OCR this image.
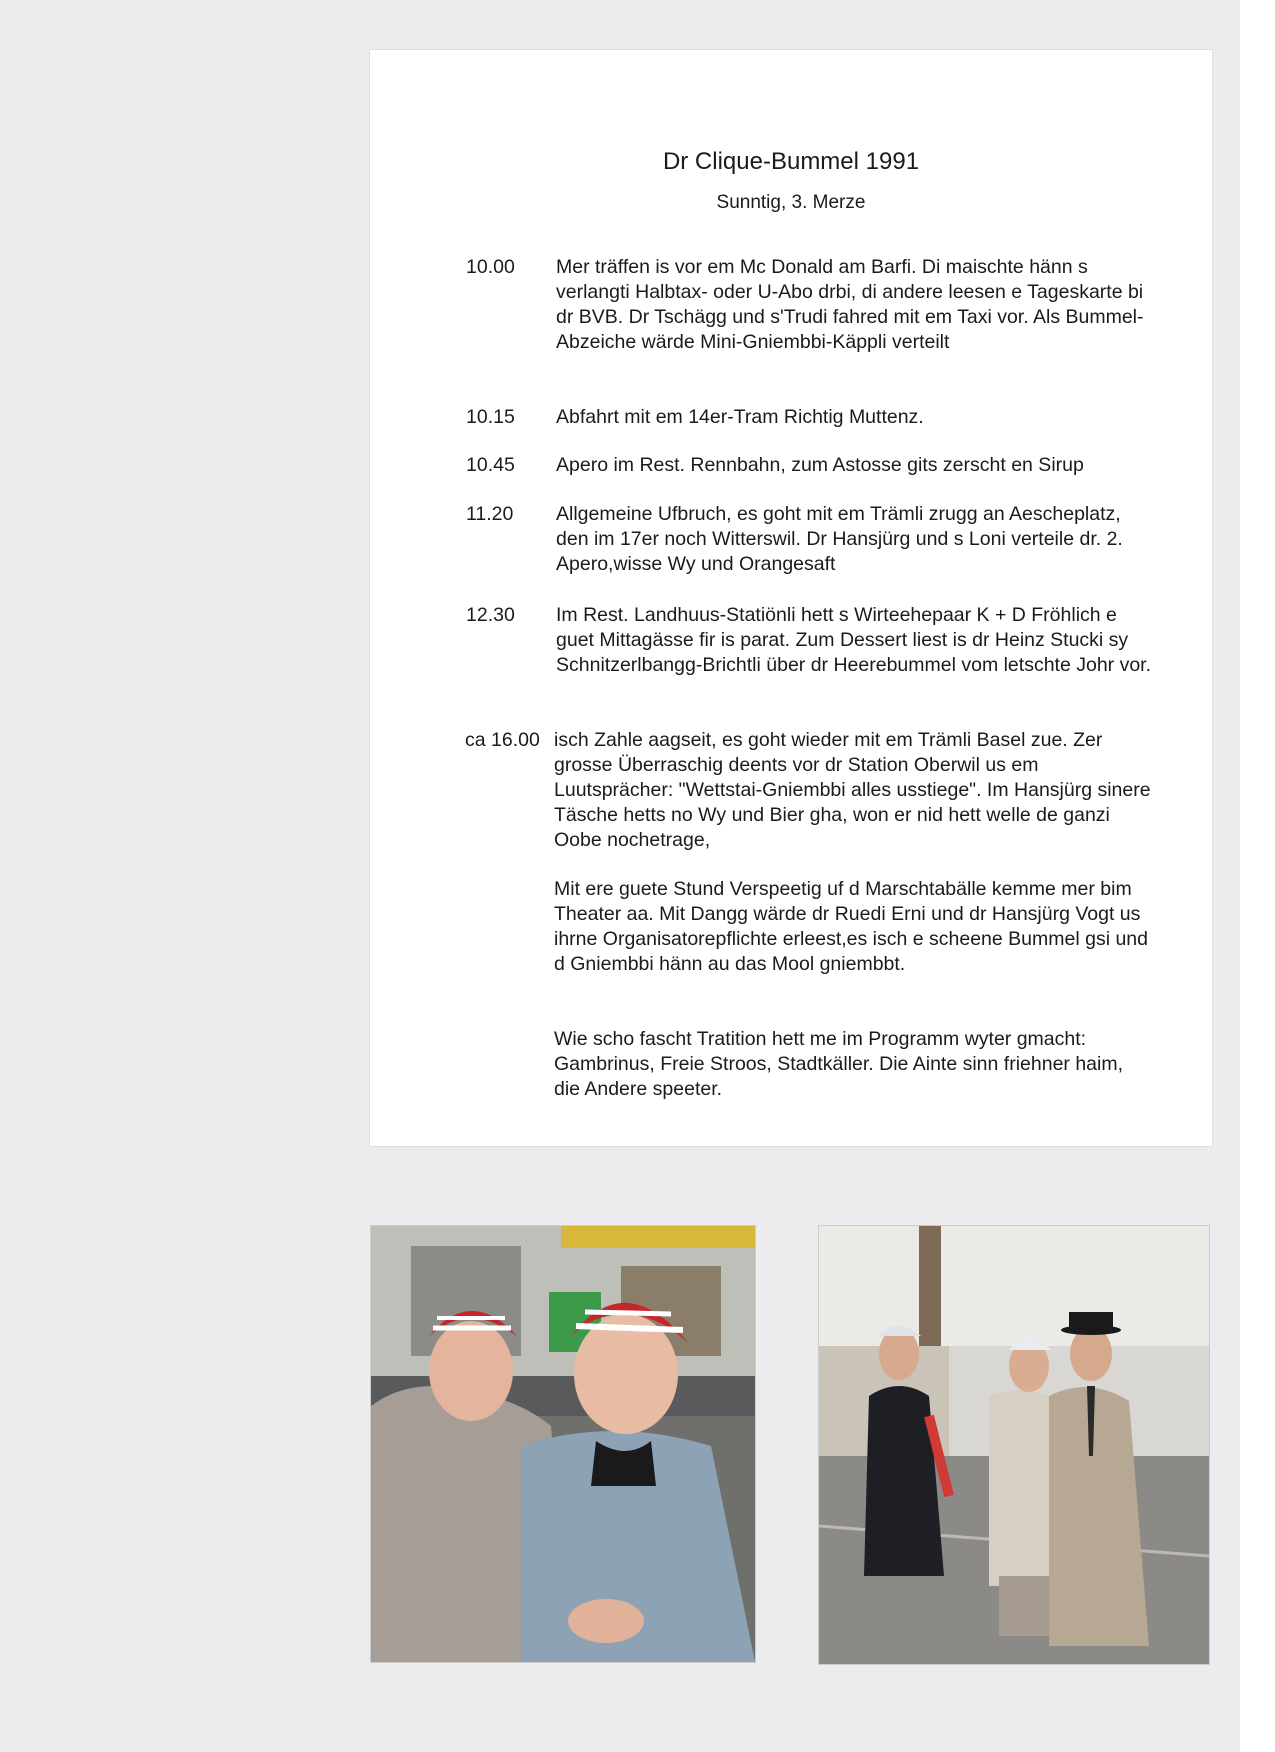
Dr Clique-Bummel 1991
Sunntig, 3. Merze
10.00 Mer träffen is vor em Mc Donald am Barfi. Di maischte hänn s verlangti Halbtax- oder U-Abo drbi, di andere leesen e Tageskarte bi dr BVB. Dr Tschägg und s'Trudi fahred mit em Taxi vor. Als Bummel-Abzeiche wärde Mini-Gniembbi-Käppli verteilt
10.15 Abfahrt mit em 14er-Tram Richtig Muttenz.
10.45 Apero im Rest. Rennbahn, zum Astosse gits zersch​t en Sirup
11.20 Allgemeine Ufbruch, es goht mit em Trämli zrugg an Aescheplatz, den im 17er noch Witterswil. Dr Hansjürg und s Loni verteile dr. 2. Apero,wisse Wy und Orangesaft
12.30 Im Rest. Landhuus-Statiönli hett s Wirteehepaar K + D Fröhlich e guet Mittagässe fir is parat. Zum Dessert liest is dr Heinz Stucki sy Schnitzerlbangg-Brichtli über dr Heerebummel vom letschte Johr vor.
ca 16.00 isch Zahle aagseit, es goht wieder mit em Trämli Basel zue. Zer grosse Überraschig deents vor dr Station Oberwil us em Luutsprächer: "Wettstai-Gniembbi alles usstiege". Im Hansjürg sinere Täsche hetts no Wy und Bier gha, won er nid hett welle de ganzi Oobe nochetrage,
Mit ere guete Stund Verspeetig uf d Marschtabälle kemme mer bim Theater aa. Mit Dangg wärde dr Ruedi Erni und dr Hansjürg Vogt us ihrne Organisatorepflichte erleest,es isch e scheene Bummel gsi und d Gniembbi hänn au das Mool gniembbt.
Wie scho fascht Tratition hett me im Programm wyter gmacht: Gambrinus, Freie Stroos, Stadtkäller. Die Ainte sinn friehner haim, die Andere speeter.
